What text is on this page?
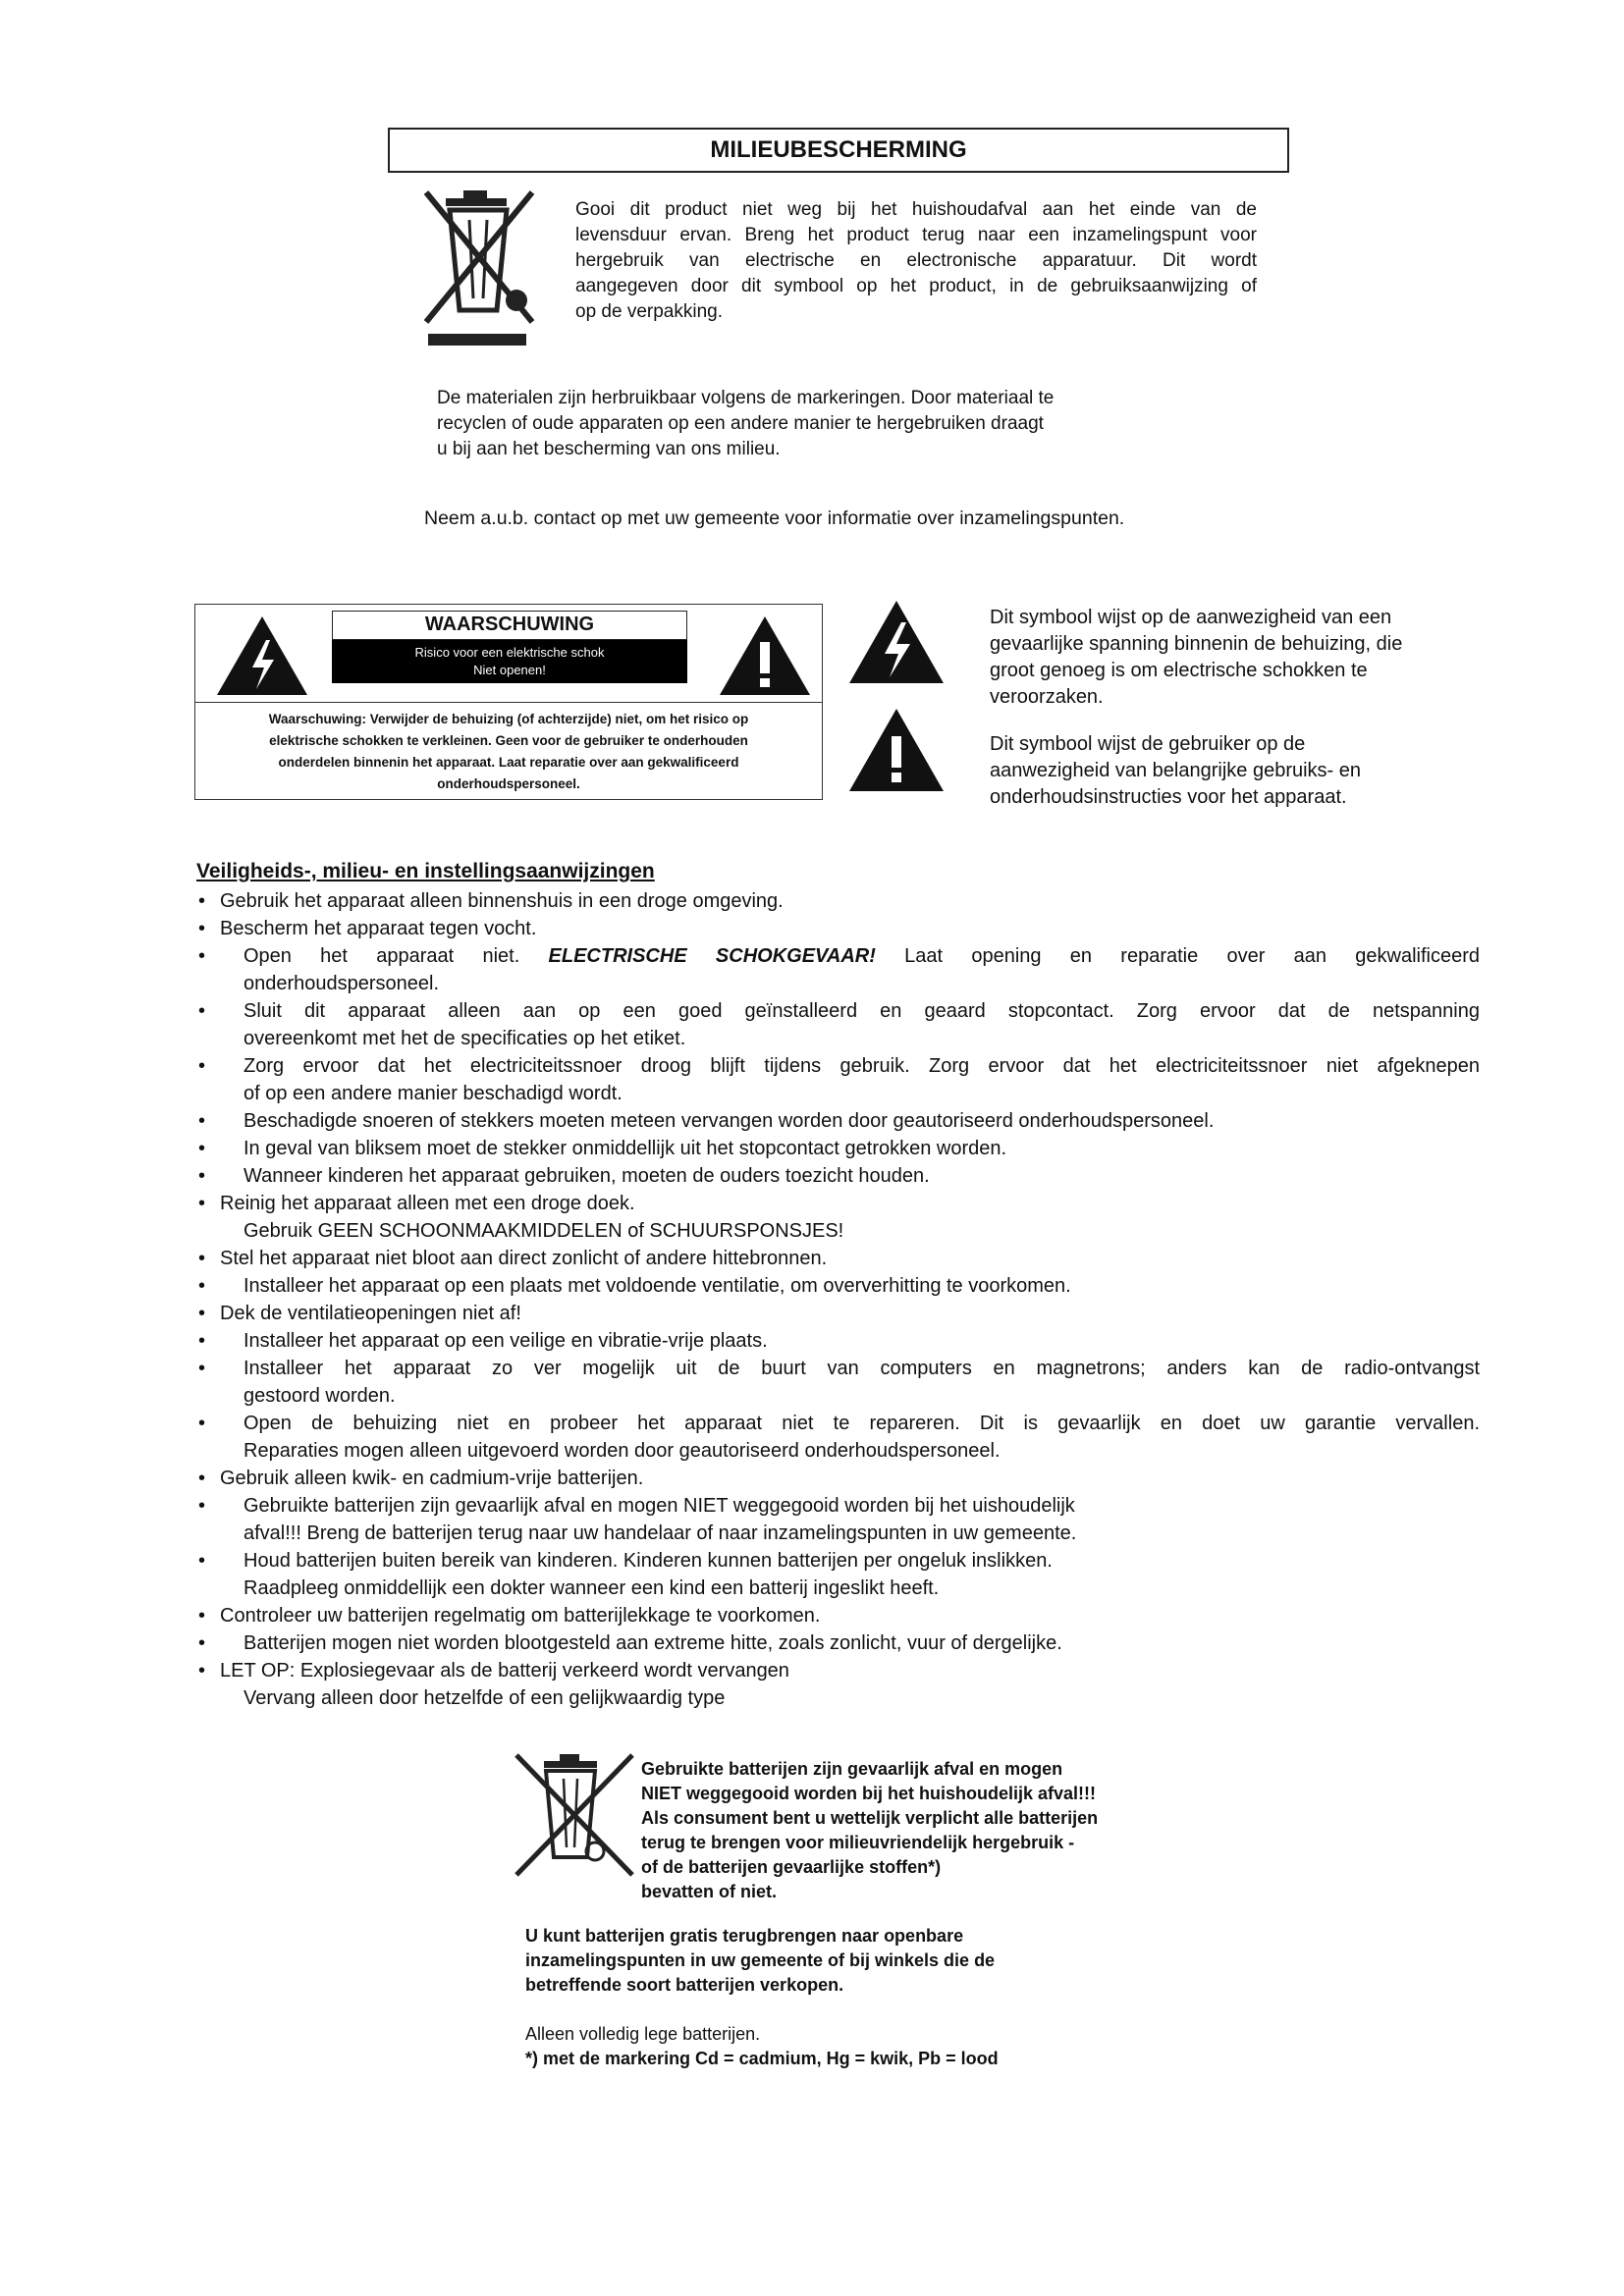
MILIEUBESCHERMING
Gooi dit product niet weg bij het huishoudafval aan het einde van de
levensduur ervan. Breng het product terug naar een inzamelingspunt voor
hergebruik van electrische en electronische apparatuur. Dit wordt
aangegeven door dit symbool op het product, in de gebruiksaanwijzing of
op de verpakking.
De materialen zijn herbruikbaar volgens de markeringen. Door materiaal te
recyclen of oude apparaten op een andere manier te hergebruiken draagt
u bij aan het bescherming van ons milieu.
Neem a.u.b. contact op met uw gemeente voor informatie over inzamelingspunten.
WAARSCHUWING
Risico voor een elektrische schok
Niet openen!
Waarschuwing: Verwijder de behuizing (of achterzijde) niet, om het risico op
elektrische schokken te verkleinen. Geen voor de gebruiker te onderhouden
onderdelen binnenin het apparaat. Laat reparatie over aan gekwalificeerd
onderhoudspersoneel.
Dit symbool wijst op de aanwezigheid van een
gevaarlijke spanning binnenin de behuizing, die
groot genoeg is om electrische schokken te
veroorzaken.
Dit symbool wijst de gebruiker op de
aanwezigheid van belangrijke gebruiks- en
onderhoudsinstructies voor het apparaat.
Veiligheids-, milieu- en instellingsaanwijzingen
• Gebruik het apparaat alleen binnenshuis in een droge omgeving.
• Bescherm het apparaat tegen vocht.
• Open het apparaat niet. ELECTRISCHE SCHOKGEVAAR! Laat opening en reparatie over aan gekwalificeerd
onderhoudspersoneel.
• Sluit dit apparaat alleen aan op een goed geïnstalleerd en geaard stopcontact. Zorg ervoor dat de netspanning
overeenkomt met het de specificaties op het etiket.
• Zorg ervoor dat het electriciteitssnoer droog blijft tijdens gebruik. Zorg ervoor dat het electriciteitssnoer niet afgeknepen
of op een andere manier beschadigd wordt.
• Beschadigde snoeren of stekkers moeten meteen vervangen worden door geautoriseerd onderhoudspersoneel.
• In geval van bliksem moet de stekker onmiddellijk uit het stopcontact getrokken worden.
• Wanneer kinderen het apparaat gebruiken, moeten de ouders toezicht houden.
• Reinig het apparaat alleen met een droge doek.
Gebruik GEEN SCHOONMAAKMIDDELEN of SCHUURSPONSJES!
• Stel het apparaat niet bloot aan direct zonlicht of andere hittebronnen.
• Installeer het apparaat op een plaats met voldoende ventilatie, om oververhitting te voorkomen.
• Dek de ventilatieopeningen niet af!
• Installeer het apparaat op een veilige en vibratie-vrije plaats.
• Installeer het apparaat zo ver mogelijk uit de buurt van computers en magnetrons; anders kan de radio-ontvangst
gestoord worden.
• Open de behuizing niet en probeer het apparaat niet te repareren. Dit is gevaarlijk en doet uw garantie vervallen.
Reparaties mogen alleen uitgevoerd worden door geautoriseerd onderhoudspersoneel.
• Gebruik alleen kwik- en cadmium-vrije batterijen.
• Gebruikte batterijen zijn gevaarlijk afval en mogen NIET weggegooid worden bij het uishoudelijk
afval!!! Breng de batterijen terug naar uw handelaar of naar inzamelingspunten in uw gemeente.
• Houd batterijen buiten bereik van kinderen. Kinderen kunnen batterijen per ongeluk inslikken.
Raadpleeg onmiddellijk een dokter wanneer een kind een batterij ingeslikt heeft.
• Controleer uw batterijen regelmatig om batterijlekkage te voorkomen.
• Batterijen mogen niet worden blootgesteld aan extreme hitte, zoals zonlicht, vuur of dergelijke.
• LET OP: Explosiegevaar als de batterij verkeerd wordt vervangen
Vervang alleen door hetzelfde of een gelijkwaardig type
Gebruikte batterijen zijn gevaarlijk afval en mogen
NIET weggegooid worden bij het huishoudelijk afval!!!
Als consument bent u wettelijk verplicht alle batterijen
terug te brengen voor milieuvriendelijk hergebruik -
of de batterijen gevaarlijke stoffen*)
bevatten of niet.
U kunt batterijen gratis terugbrengen naar openbare
inzamelingspunten in uw gemeente of bij winkels die de
betreffende soort batterijen verkopen.
Alleen volledig lege batterijen.
*) met de markering Cd = cadmium, Hg = kwik, Pb = lood
